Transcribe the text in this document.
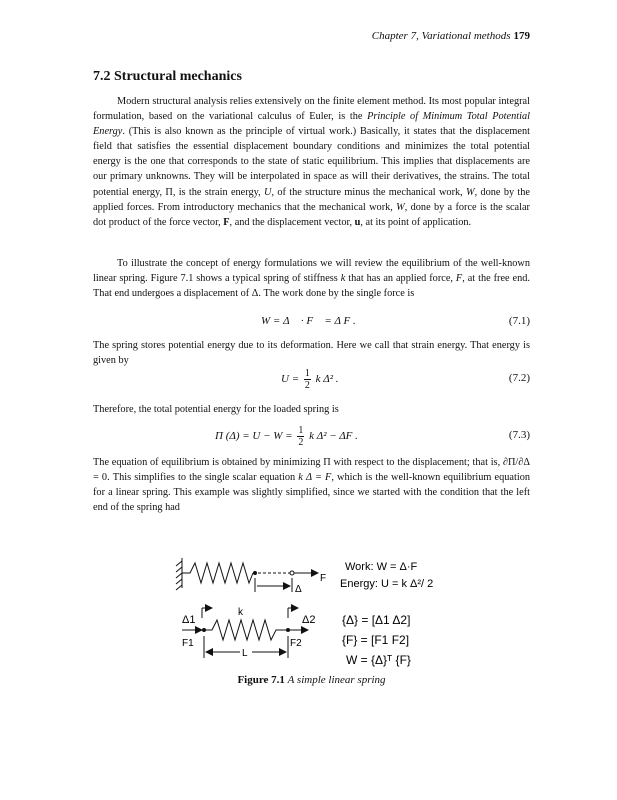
Chapter 7, Variational methods 179
7.2 Structural mechanics

Modern structural analysis relies extensively on the finite element method. Its most popular integral formulation, based on the variational calculus of Euler, is the Principle of Minimum Total Potential Energy. (This is also known as the principle of virtual work.) Basically, it states that the displacement field that satisfies the essential displacement boundary conditions and minimizes the total potential energy is the one that corresponds to the state of static equilibrium. This implies that displacements are our primary unknowns. They will be interpolated in space as will their derivatives, the strains. The total potential energy, Π, is the strain energy, U, of the structure minus the mechanical work, W, done by the applied forces. From introductory mechanics that the mechanical work, W, done by a force is the scalar dot product of the force vector, F, and the displacement vector, u, at its point of application.

To illustrate the concept of energy formulations we will review the equilibrium of the well-known linear spring. Figure 7.1 shows a typical spring of stiffness k that has an applied force, F, at the free end. That end undergoes a displacement of Δ. The work done by the single force is

W = Δ⃗ · F⃗ = Δ F .	(7.1)

The spring stores potential energy due to its deformation. Here we call that strain energy. That energy is given by

$U = \frac{1}{2}$ k Δ² .	(7.2)

Therefore, the total potential energy for the loaded spring is

Π $(\Delta) = U - W = \frac{1}{2}$ k Δ² − ΔF .	(7.3)

The equation of equilibrium is obtained by minimizing Π with respect to the displacement; that is, ∂Π/∂Δ = 0. This simplifies to the single scalar equation k Δ = F, which is the well-known equilibrium equation for a linear spring. This example was slightly simplified, since we started with the condition that the left end of the spring had

F
Δ
Work: W = Δ·F
Energy: U = k Δ²/ 2
Δ1
k
Δ2
F1	F2
L
{Δ} = [Δ1 Δ2]
{F} = [F1 F2]
W = {Δ}ᵀ {F}
Figure 7.1 A simple linear spring
